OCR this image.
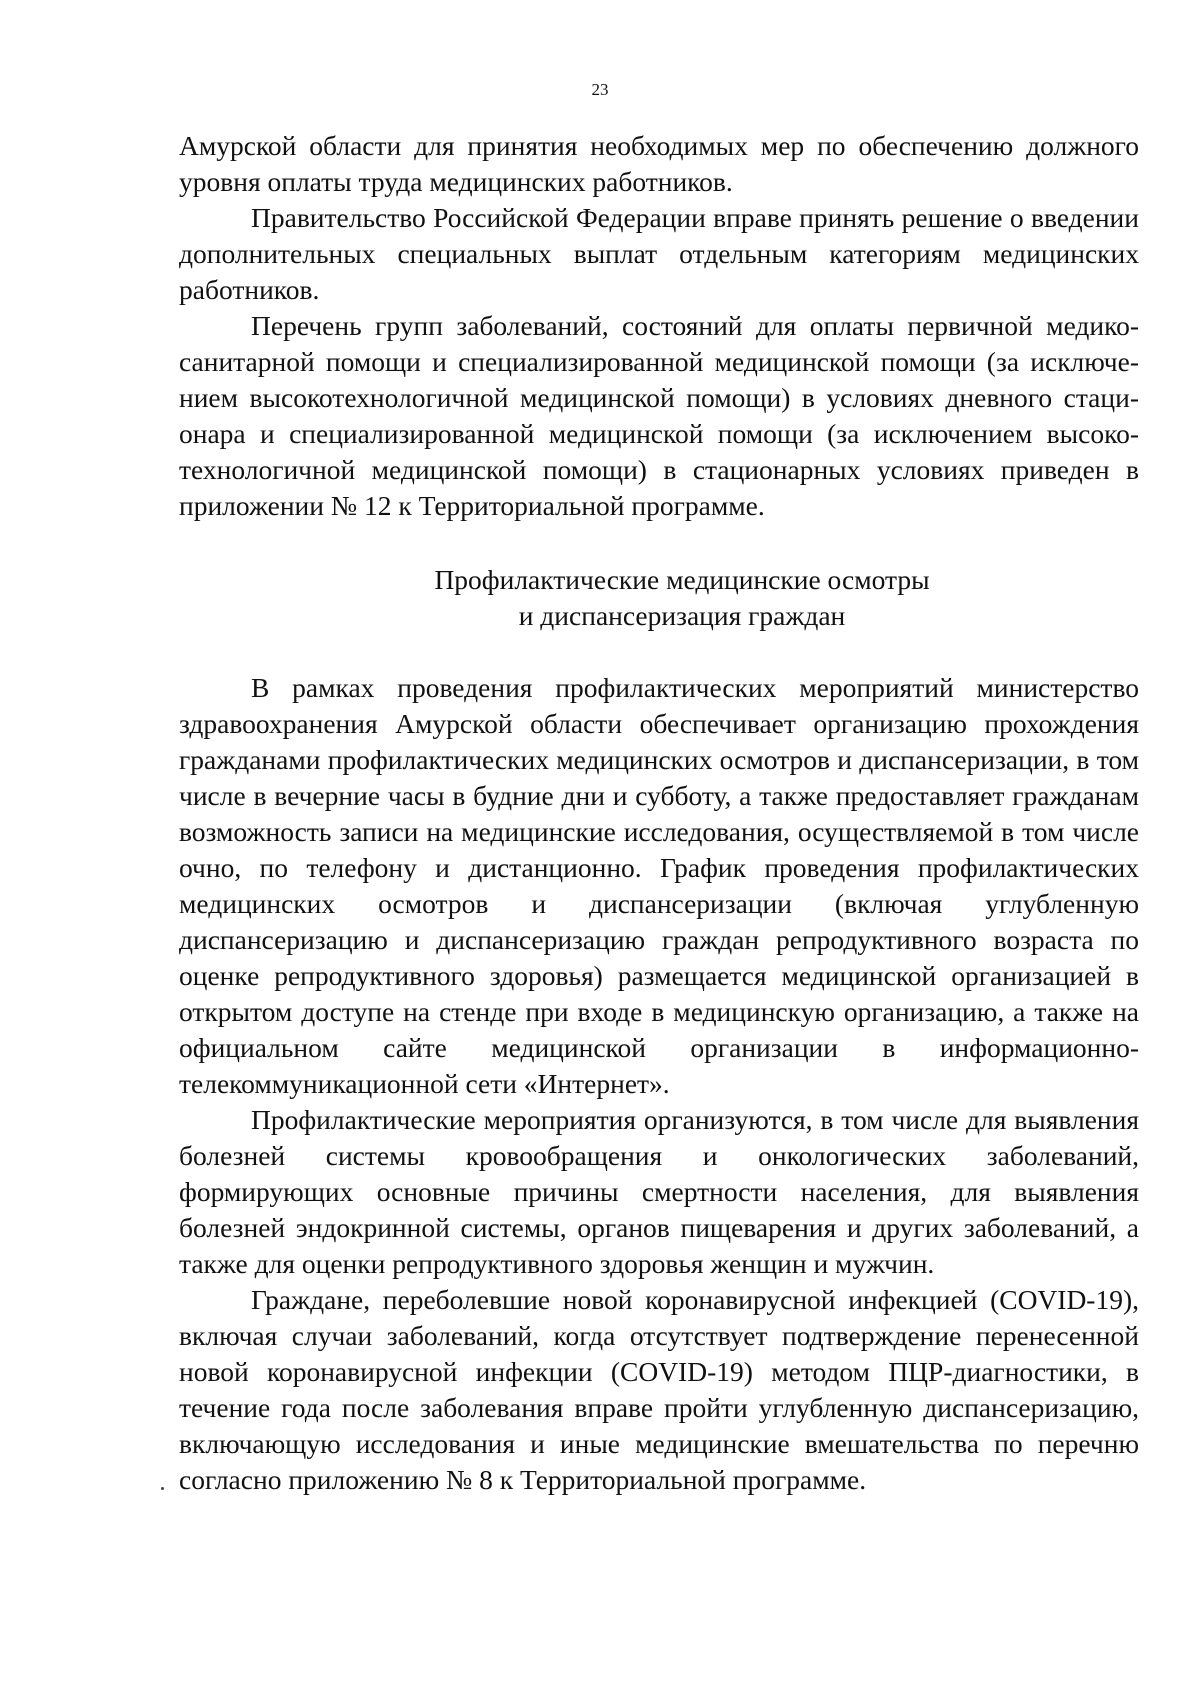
23

Амурской области для принятия необходимых мер по обеспечению должного уровня оплаты труда медицинских работников.

Правительство Российской Федерации вправе принять решение о введении дополнительных специальных выплат отдельным категориям медицинских работников.

Перечень групп заболеваний, состояний для оплаты первичной медико-санитарной помощи и специализированной медицинской помощи (за исключением высокотехнологичной медицинской помощи) в условиях дневного стационара и специализированной медицинской помощи (за исключением высокотехнологичной медицинской помощи) в стационарных условиях приведен в приложении № 12 к Территориальной программе.

Профилактические медицинские осмотры
и диспансеризация граждан

В рамках проведения профилактических мероприятий министерство здравоохранения Амурской области обеспечивает организацию прохождения гражданами профилактических медицинских осмотров и диспансеризации, в том числе в вечерние часы в будние дни и субботу, а также предоставляет гражданам возможность записи на медицинские исследования, осуществляемой в том числе очно, по телефону и дистанционно. График проведения профилактических медицинских осмотров и диспансеризации (включая углубленную диспансеризацию и диспансеризацию граждан репродуктивного возраста по оценке репродуктивного здоровья) размещается медицинской организацией в открытом доступе на стенде при входе в медицинскую организацию, а также на официальном сайте медицинской организации в информационно-телекоммуникационной сети «Интернет».

Профилактические мероприятия организуются, в том числе для выявления болезней системы кровообращения и онкологических заболеваний, формирующих основные причины смертности населения, для выявления болезней эндокринной системы, органов пищеварения и других заболеваний, а также для оценки репродуктивного здоровья женщин и мужчин.

Граждане, переболевшие новой коронавирусной инфекцией (COVID-19), включая случаи заболеваний, когда отсутствует подтверждение перенесенной новой коронавирусной инфекции (COVID-19) методом ПЦР-диагностики, в течение года после заболевания вправе пройти углубленную диспансеризацию, включающую исследования и иные медицинские вмешательства по перечню согласно приложению № 8 к Территориальной программе.
